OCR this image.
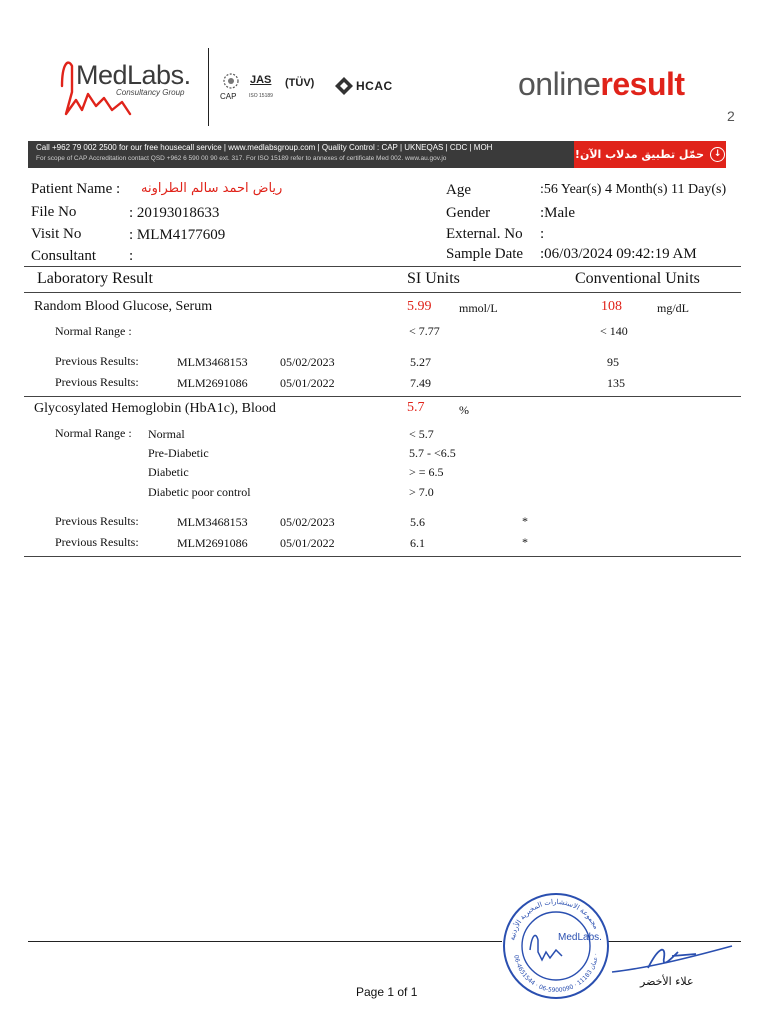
MedLabs.
Consultancy Group	CAP
JAS
ISO 15189
(TÜV)	HCAC	onlineresult
2
Call +962 79 002 2500 for our free housecall service | www.medlabsgroup.com | Quality Control : CAP | UKNEQAS | CDC | MOH
For scope of CAP Accreditation contact QSD +962 6 590 00 90 ext. 317. For ISO 15189 refer to annexes of certificate Med 002. www.au.gov.jo	حمّل تطبيق مدلاب الآن!	↓
Patient Name : رياض احمد سالم الطراونه
File No	: 20193018633
Visit No	: MLM4177609
Consultant :
Age	:56 Year(s) 4 Month(s) 11 Day(s)
Gender	:Male
External. No :
Sample Date :06/03/2024 09:42:19 AM
Laboratory Result	SI Units	Conventional Units
Random Blood Glucose, Serum	5.99 mmol/L	108	mg/dL
Normal Range :	< 7.77	< 140
Previous Results:	MLM3468153	05/02/2023	5.27	95
Previous Results:	MLM2691086	05/01/2022	7.49	135
Glycosylated Hemoglobin (HbA1c), Blood	5.7	%
Normal Range : Normal	< 5.7
Pre-Diabetic	5.7 - <6.5
Diabetic	> = 6.5
Diabetic poor control	> 7.0
Previous Results:	MLM3468153	05/02/2023	5.6	*
Previous Results:	MLM2691086	05/01/2022	6.1	*
MedLabs.
مجموعة الاستشارات المخبرية الأردنية
06-4651544 · 06-5900090 · · عمان 11183
علاء الأخضر
Page 1 of 1
